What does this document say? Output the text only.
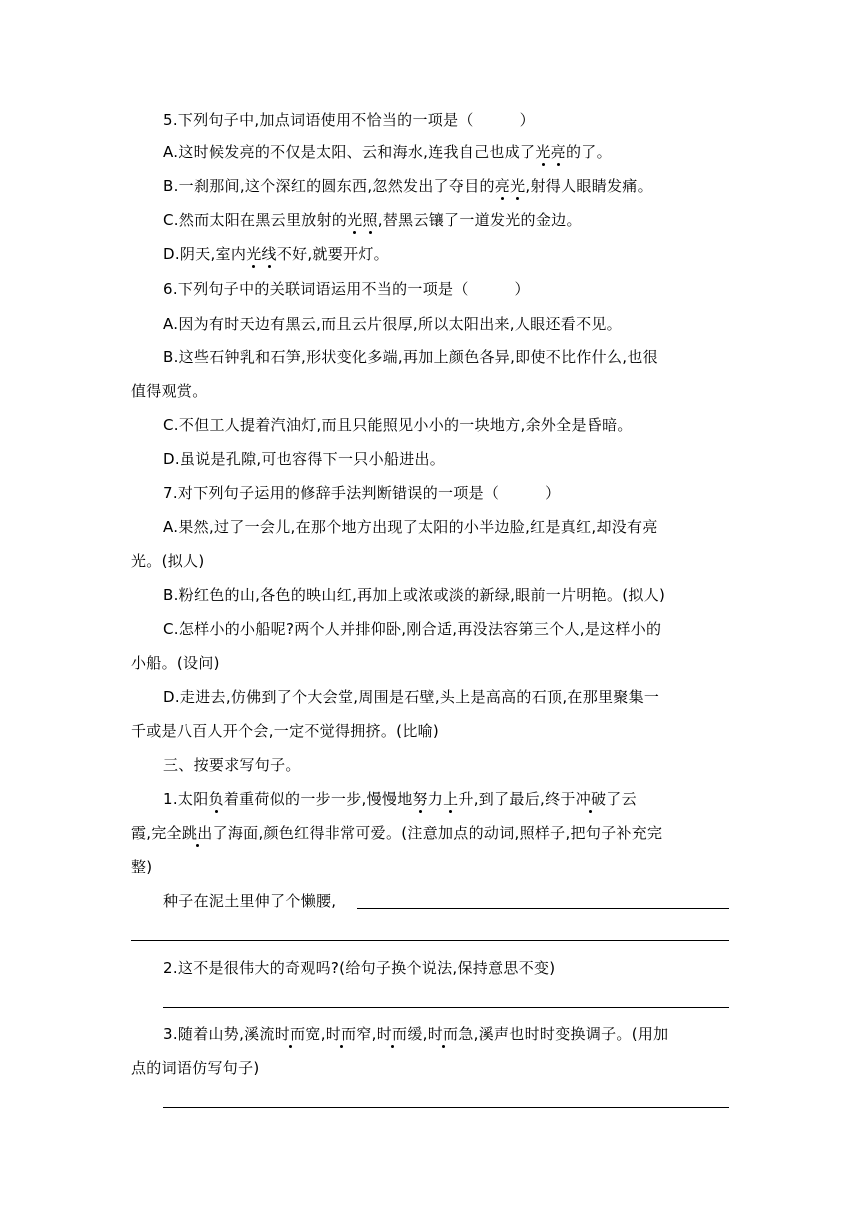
5.下列句子中,加点词语使用不恰当的一项是（　　　）
A.这时候发亮的不仅是太阳、云和海水,连我自己也成了光亮的了。
B.一刹那间,这个深红的圆东西,忽然发出了夺目的亮光,射得人眼睛发痛。
C.然而太阳在黑云里放射的光照,替黑云镶了一道发光的金边。
D.阴天,室内光线不好,就要开灯。
6.下列句子中的关联词语运用不当的一项是（　　　）
A.因为有时天边有黑云,而且云片很厚,所以太阳出来,人眼还看不见。
B.这些石钟乳和石笋,形状变化多端,再加上颜色各异,即使不比作什么,也很
值得观赏。
C.不但工人提着汽油灯,而且只能照见小小的一块地方,余外全是昏暗。
D.虽说是孔隙,可也容得下一只小船进出。
7.对下列句子运用的修辞手法判断错误的一项是（　　　）
A.果然,过了一会儿,在那个地方出现了太阳的小半边脸,红是真红,却没有亮
光。(拟人)
B.粉红色的山,各色的映山红,再加上或浓或淡的新绿,眼前一片明艳。(拟人)
C.怎样小的小船呢?两个人并排仰卧,刚合适,再没法容第三个人,是这样小的
小船。(设问)
D.走进去,仿佛到了个大会堂,周围是石壁,头上是高高的石顶,在那里聚集一
千或是八百人开个会,一定不觉得拥挤。(比喻)
三、按要求写句子。
1.太阳负着重荷似的一步一步,慢慢地努力上升,到了最后,终于冲破了云
霞,完全跳出了海面,颜色红得非常可爱。(注意加点的动词,照样子,把句子补充完
整)
种子在泥土里伸了个懒腰,
2.这不是很伟大的奇观吗?(给句子换个说法,保持意思不变)
3.随着山势,溪流时而宽,时而窄,时而缓,时而急,溪声也时时变换调子。(用加
点的词语仿写句子)
